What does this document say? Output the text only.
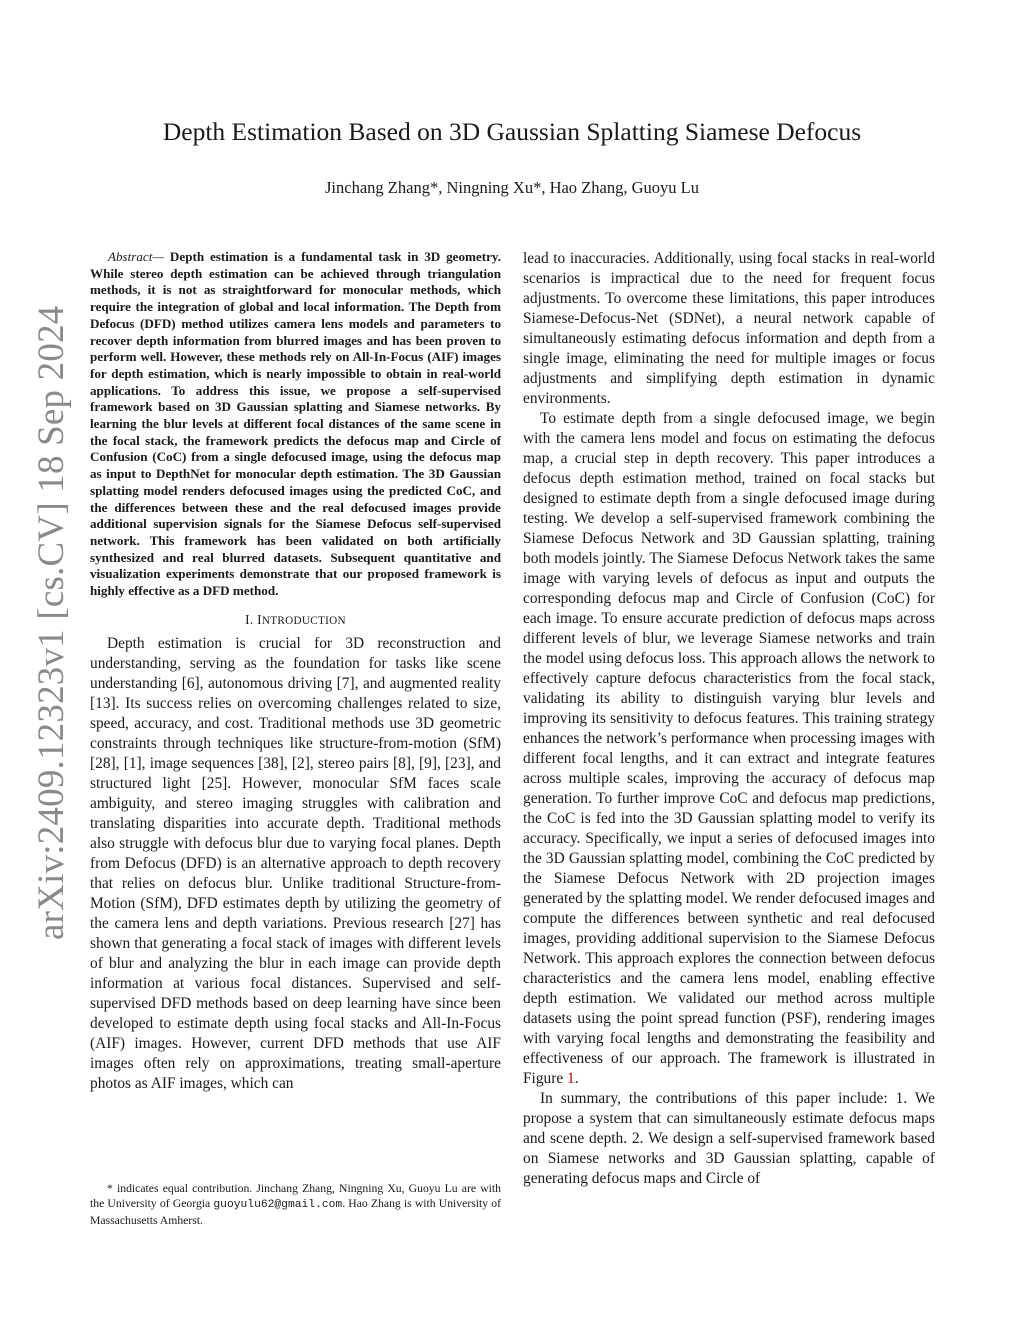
arXiv:2409.12323v1 [cs.CV] 18 Sep 2024
Depth Estimation Based on 3D Gaussian Splatting Siamese Defocus
Jinchang Zhang*, Ningning Xu*, Hao Zhang, Guoyu Lu

Abstract— Depth estimation is a fundamental task in 3D geometry. While stereo depth estimation can be achieved through triangulation methods, it is not as straightforward for monocular methods, which require the integration of global and local information. The Depth from Defocus (DFD) method utilizes camera lens models and parameters to recover depth information from blurred images and has been proven to perform well. However, these methods rely on All-In-Focus (AIF) images for depth estimation, which is nearly impossible to obtain in real-world applications. To address this issue, we propose a self-supervised framework based on 3D Gaussian splatting and Siamese networks. By learning the blur levels at different focal distances of the same scene in the focal stack, the framework predicts the defocus map and Circle of Confusion (CoC) from a single defocused image, using the defocus map as input to DepthNet for monocular depth estimation. The 3D Gaussian splatting model renders defocused images using the predicted CoC, and the differences between these and the real defocused images provide additional supervision signals for the Siamese Defocus self-supervised network. This framework has been validated on both artificially synthesized and real blurred datasets. Subsequent quantitative and visualization experiments demonstrate that our proposed framework is highly effective as a DFD method.

I. INTRODUCTION

Depth estimation is crucial for 3D reconstruction and understanding, serving as the foundation for tasks like scene understanding [6], autonomous driving [7], and augmented reality [13]. Its success relies on overcoming challenges related to size, speed, accuracy, and cost. Traditional methods use 3D geometric constraints through techniques like structure-from-motion (SfM) [28], [1], image sequences [38], [2], stereo pairs [8], [9], [23], and structured light [25]. However, monocular SfM faces scale ambiguity, and stereo imaging struggles with calibration and translating disparities into accurate depth. Traditional methods also struggle with defocus blur due to varying focal planes. Depth from Defocus (DFD) is an alternative approach to depth recovery that relies on defocus blur. Unlike traditional Structure-from-Motion (SfM), DFD estimates depth by utilizing the geometry of the camera lens and depth variations. Previous research [27] has shown that generating a focal stack of images with different levels of blur and analyzing the blur in each image can provide depth information at various focal distances. Supervised and self-supervised DFD methods based on deep learning have since been developed to estimate depth using focal stacks and All-In-Focus (AIF) images. However, current DFD methods that use AIF images often rely on approximations, treating small-aperture photos as AIF images, which can

* indicates equal contribution. Jinchang Zhang, Ningning Xu, Guoyu Lu are with the University of Georgia guoyulu62@gmail.com. Hao Zhang is with University of Massachusetts Amherst.

lead to inaccuracies. Additionally, using focal stacks in real-world scenarios is impractical due to the need for frequent focus adjustments. To overcome these limitations, this paper introduces Siamese-Defocus-Net (SDNet), a neural network capable of simultaneously estimating defocus information and depth from a single image, eliminating the need for multiple images or focus adjustments and simplifying depth estimation in dynamic environments.

To estimate depth from a single defocused image, we begin with the camera lens model and focus on estimating the defocus map, a crucial step in depth recovery. This paper introduces a defocus depth estimation method, trained on focal stacks but designed to estimate depth from a single defocused image during testing. We develop a self-supervised framework combining the Siamese Defocus Network and 3D Gaussian splatting, training both models jointly. The Siamese Defocus Network takes the same image with varying levels of defocus as input and outputs the corresponding defocus map and Circle of Confusion (CoC) for each image. To ensure accurate prediction of defocus maps across different levels of blur, we leverage Siamese networks and train the model using defocus loss. This approach allows the network to effectively capture defocus characteristics from the focal stack, validating its ability to distinguish varying blur levels and improving its sensitivity to defocus features. This training strategy enhances the network’s performance when processing images with different focal lengths, and it can extract and integrate features across multiple scales, improving the accuracy of defocus map generation. To further improve CoC and defocus map predictions, the CoC is fed into the 3D Gaussian splatting model to verify its accuracy. Specifically, we input a series of defocused images into the 3D Gaussian splatting model, combining the CoC predicted by the Siamese Defocus Network with 2D projection images generated by the splatting model. We render defocused images and compute the differences between synthetic and real defocused images, providing additional supervision to the Siamese Defocus Network. This approach explores the connection between defocus characteristics and the camera lens model, enabling effective depth estimation. We validated our method across multiple datasets using the point spread function (PSF), rendering images with varying focal lengths and demonstrating the feasibility and effectiveness of our approach. The framework is illustrated in Figure 1.

In summary, the contributions of this paper include: 1. We propose a system that can simultaneously estimate defocus maps and scene depth. 2. We design a self-supervised framework based on Siamese networks and 3D Gaussian splatting, capable of generating defocus maps and Circle of
